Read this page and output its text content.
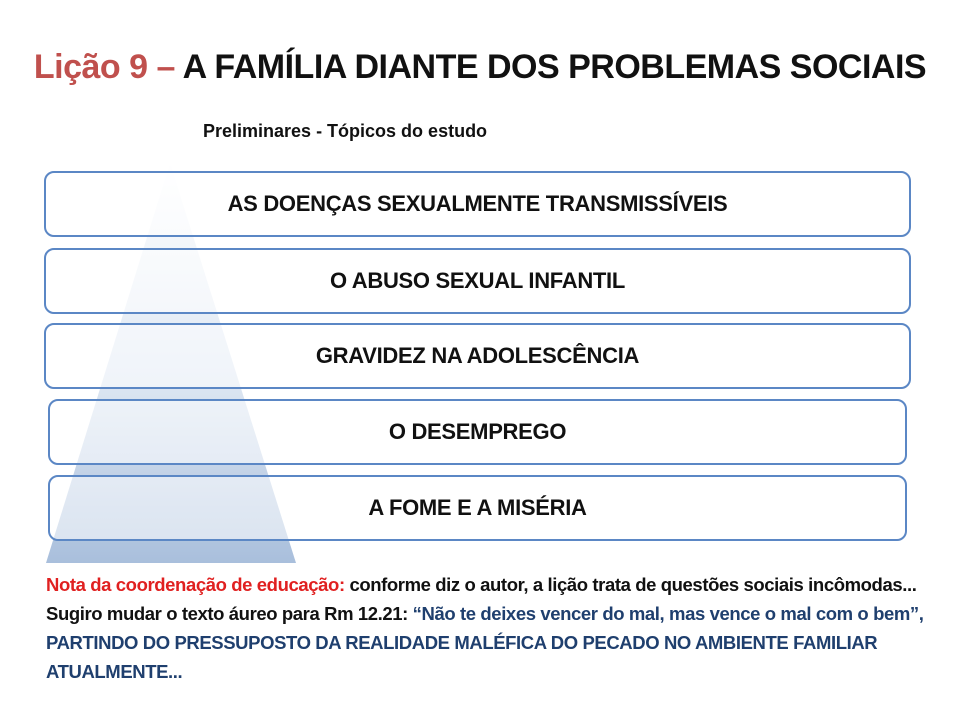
Lição 9 – A FAMÍLIA DIANTE DOS PROBLEMAS SOCIAIS
Preliminares - Tópicos do estudo
AS DOENÇAS SEXUALMENTE TRANSMISSÍVEIS
O ABUSO SEXUAL INFANTIL
GRAVIDEZ NA ADOLESCÊNCIA
O DESEMPREGO
A FOME E A MISÉRIA
Nota da coordenação de educação: conforme diz o autor, a lição trata de questões sociais incômodas... Sugiro mudar o texto áureo para Rm 12.21: “Não te deixes vencer do mal, mas vence o mal com o bem”, PARTINDO DO PRESSUPOSTO DA REALIDADE MALÉFICA DO PECADO NO AMBIENTE FAMILIAR ATUALMENTE...
